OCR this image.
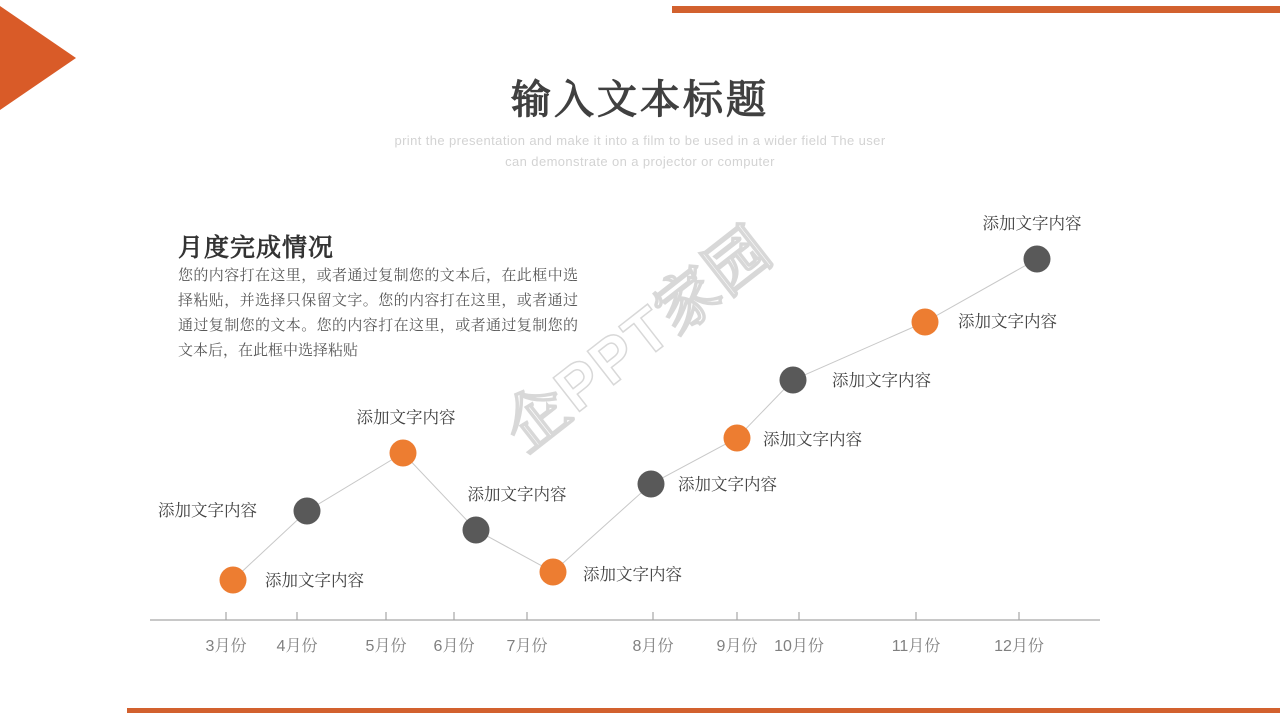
输入文本标题
print the presentation and make it into a film to be used in a wider field The user
can demonstrate on a projector or computer
月度完成情况
您的内容打在这里，或者通过复制您的文本后，在此框中选择粘贴，并选择只保留文字。您的内容打在这里，或者通过通过复制您的文本。您的内容打在这里，或者通过复制您的文本后，在此框中选择粘贴
3月份 4月份	5月份 6月份 7月份	8月份	9月份 10月份	11月份	12月份
添加文字内容
添加文字内容
添加文字内容
添加文字内容
添加文字内容
添加文字内容
添加文字内容
添加文字内容
添加文字内容
添加文字内容
企PPT家园
